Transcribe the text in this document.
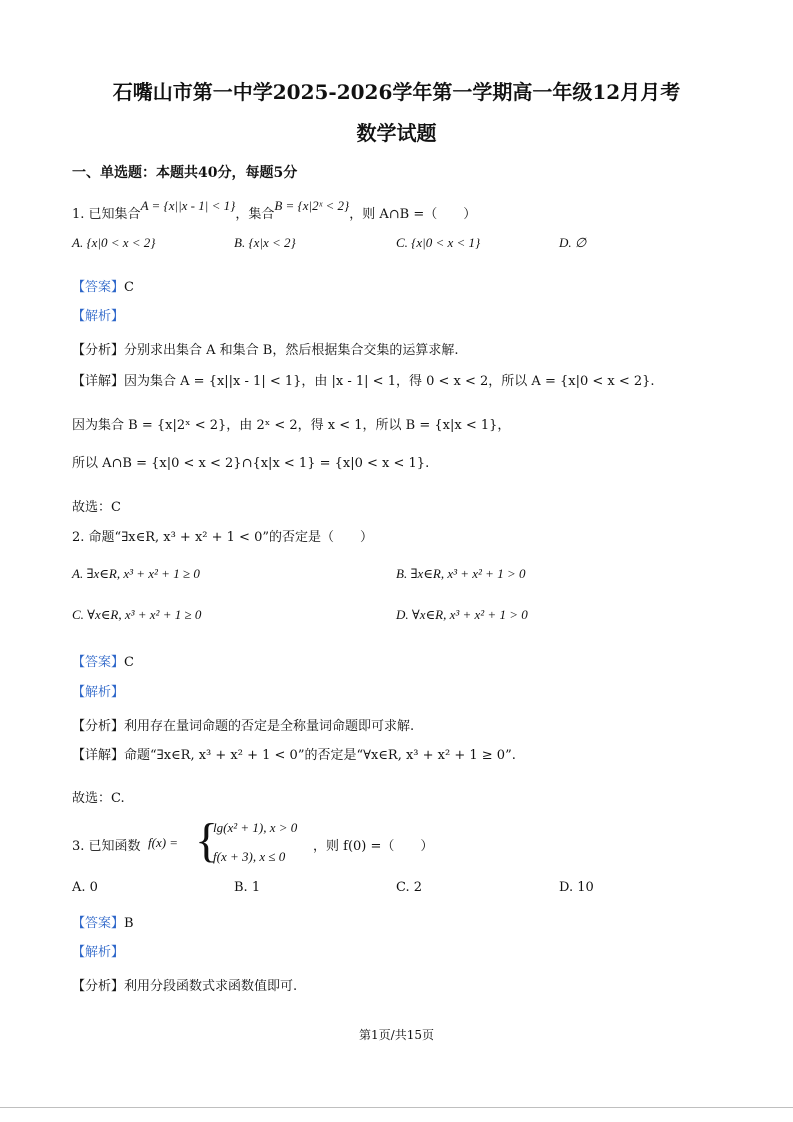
石嘴山市第一中学2025-2026学年第一学期高一年级12月月考
数学试题
一、单选题：本题共40分，每题5分
1. 已知集合A = {x||x - 1| < 1}，集合B = {x|2ˣ < 2}，则 A∩B =（　　）
A. {x|0 < x < 2}	B. {x|x < 2}	C. {x|0 < x < 1}	D. ∅
【答案】C
【解析】
【分析】分别求出集合 A 和集合 B，然后根据集合交集的运算求解.
【详解】因为集合 A = {x||x - 1| < 1}，由 |x - 1| < 1，得 0 < x < 2，所以 A = {x|0 < x < 2}.
因为集合 B = {x|2ˣ < 2}，由 2ˣ < 2，得 x < 1，所以 B = {x|x < 1}，
所以 A∩B = {x|0 < x < 2}∩{x|x < 1} = {x|0 < x < 1}.
故选：C
2. 命题“∃x∈R, x³ + x² + 1 < 0”的否定是（　　）
A. ∃x∈R, x³ + x² + 1 ≥ 0	B. ∃x∈R, x³ + x² + 1 > 0
C. ∀x∈R, x³ + x² + 1 ≥ 0	D. ∀x∈R, x³ + x² + 1 > 0
【答案】C
【解析】
【分析】利用存在量词命题的否定是全称量词命题即可求解.
【详解】命题“∃x∈R, x³ + x² + 1 < 0”的否定是“∀x∈R, x³ + x² + 1 ≥ 0”.
故选：C.
3. 已知函数 f(x) = {
lg(x² + 1), x > 0
f(x + 3), x ≤ 0
，则 f(0) =（　　）
A. 0	B. 1	C. 2	D. 10
【答案】B
【解析】
【分析】利用分段函数式求函数值即可.
第1页/共15页
